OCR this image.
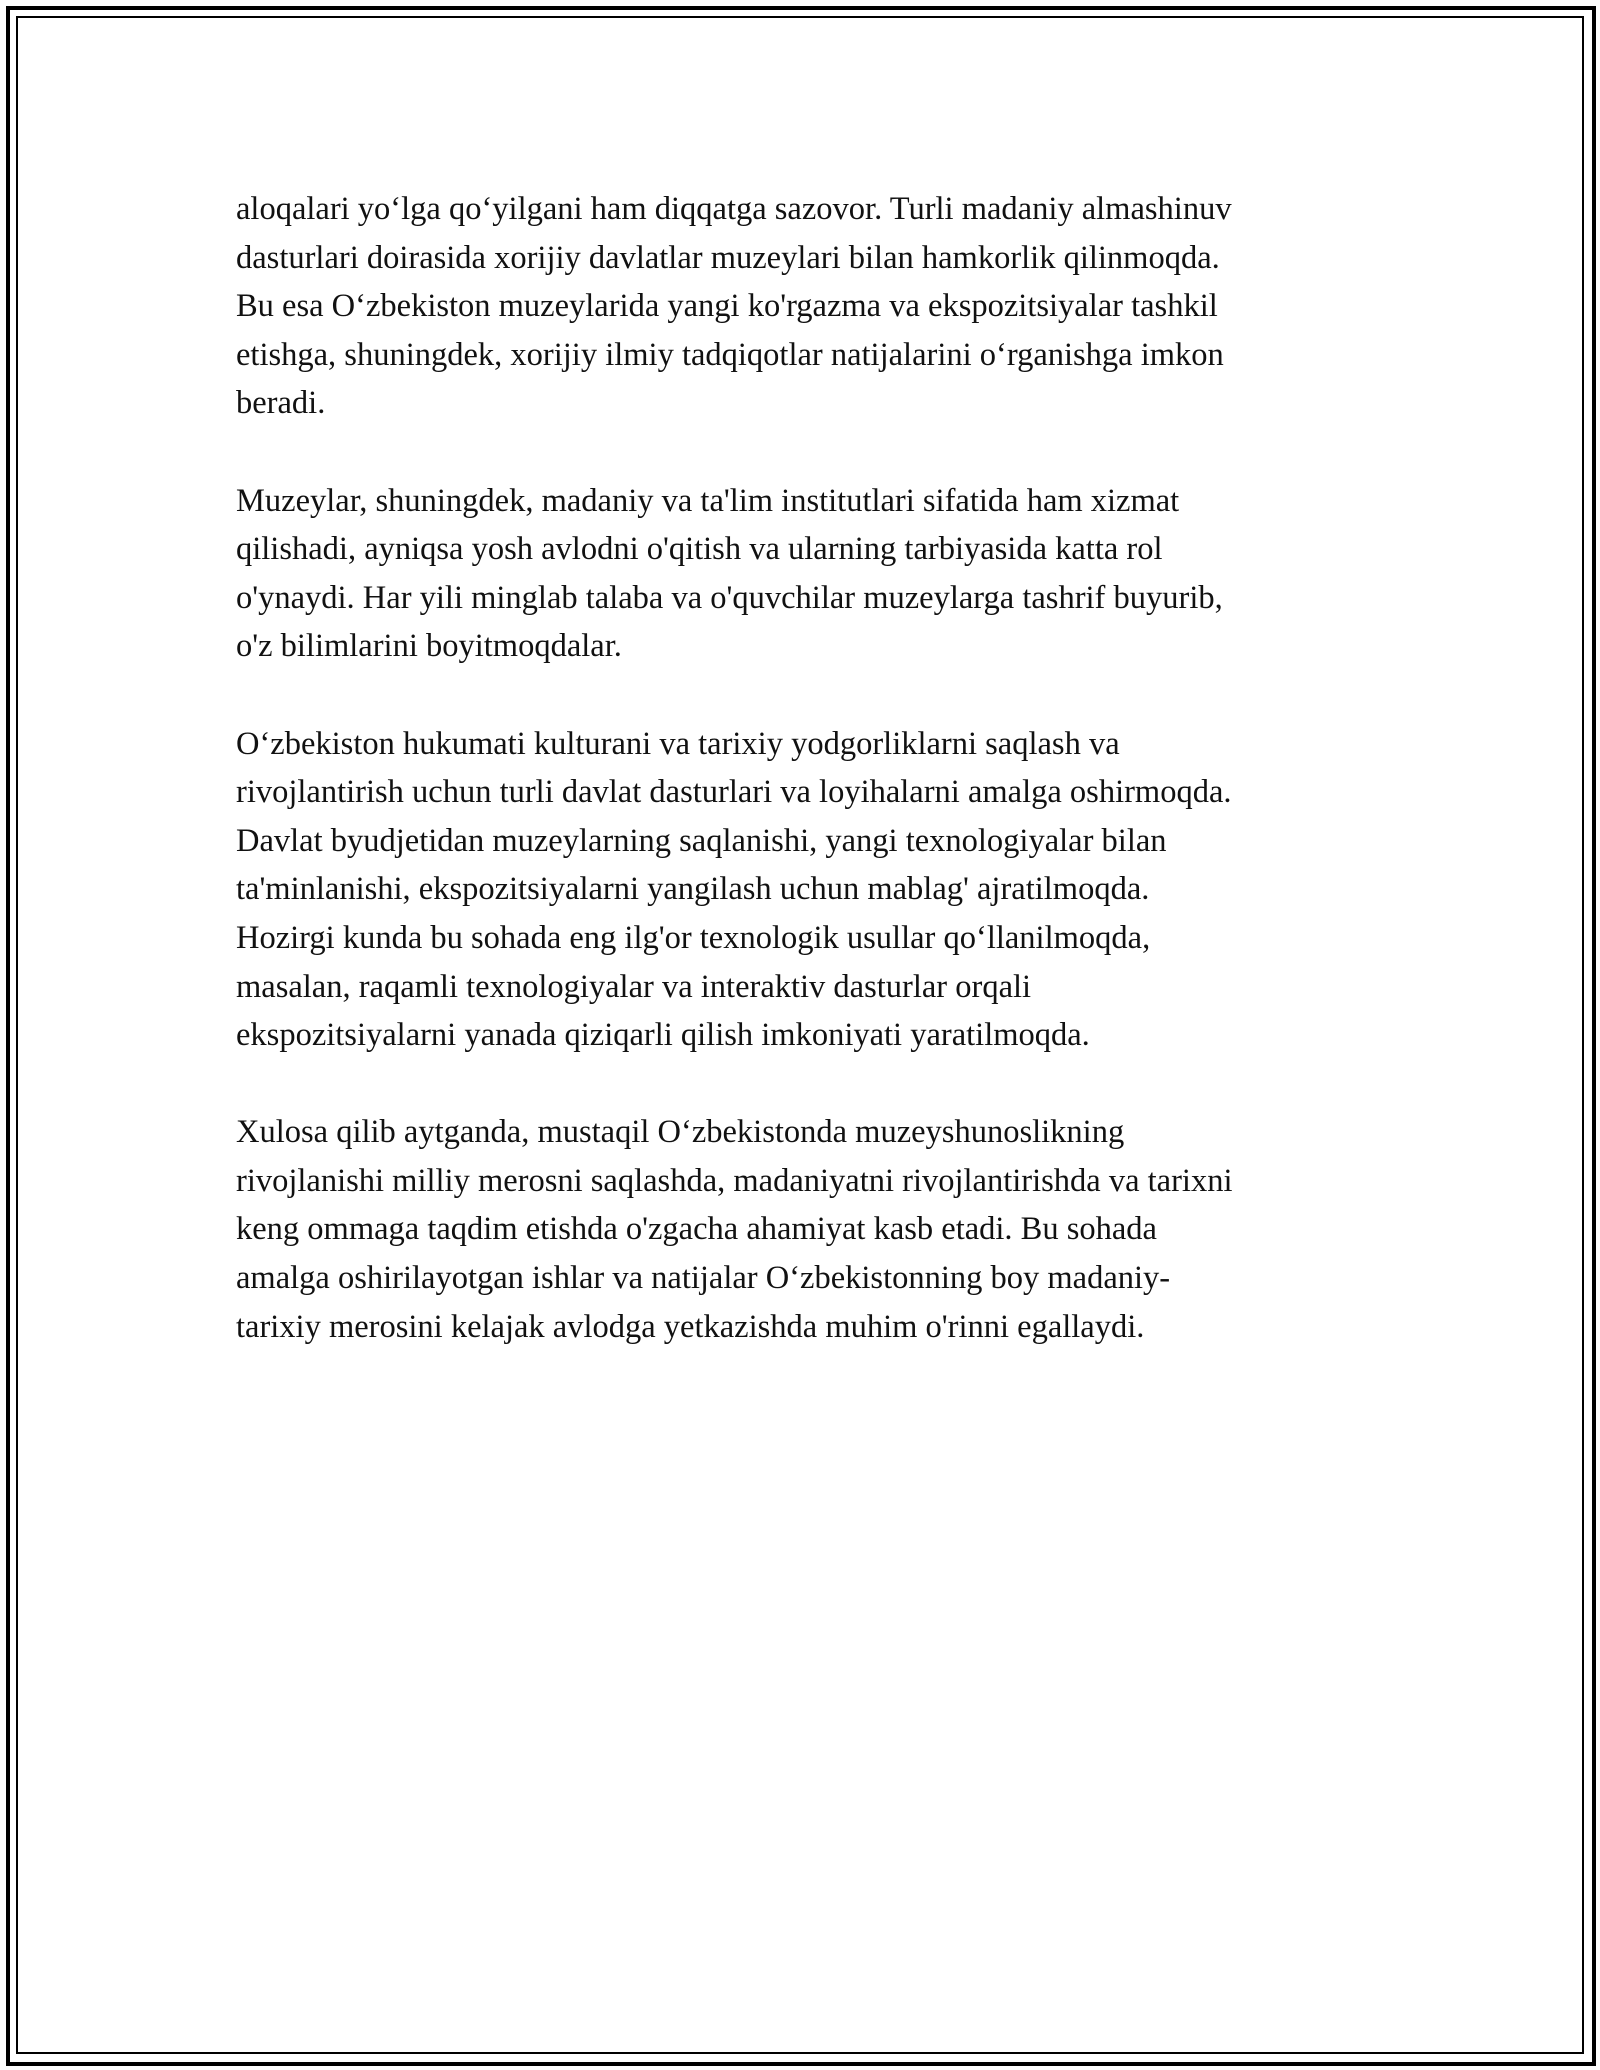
aloqalari yo‘lga qo‘yilgani ham diqqatga sazovor. Turli madaniy almashinuv
dasturlari doirasida xorijiy davlatlar muzeylari bilan hamkorlik qilinmoqda.
Bu esa O‘zbekiston muzeylarida yangi ko'rgazma va ekspozitsiyalar tashkil
etishga, shuningdek, xorijiy ilmiy tadqiqotlar natijalarini o‘rganishga imkon
beradi.

Muzeylar, shuningdek, madaniy va ta'lim institutlari sifatida ham xizmat
qilishadi, ayniqsa yosh avlodni o'qitish va ularning tarbiyasida katta rol
o'ynaydi. Har yili minglab talaba va o'quvchilar muzeylarga tashrif buyurib,
o'z bilimlarini boyitmoqdalar.

O‘zbekiston hukumati kulturani va tarixiy yodgorliklarni saqlash va
rivojlantirish uchun turli davlat dasturlari va loyihalarni amalga oshirmoqda.
Davlat byudjetidan muzeylarning saqlanishi, yangi texnologiyalar bilan
ta'minlanishi, ekspozitsiyalarni yangilash uchun mablag' ajratilmoqda.
Hozirgi kunda bu sohada eng ilg'or texnologik usullar qo‘llanilmoqda,
masalan, raqamli texnologiyalar va interaktiv dasturlar orqali
ekspozitsiyalarni yanada qiziqarli qilish imkoniyati yaratilmoqda.

Xulosa qilib aytganda, mustaqil O‘zbekistonda muzeyshunoslikning
rivojlanishi milliy merosni saqlashda, madaniyatni rivojlantirishda va tarixni
keng ommaga taqdim etishda o'zgacha ahamiyat kasb etadi. Bu sohada
amalga oshirilayotgan ishlar va natijalar O‘zbekistonning boy madaniy-
tarixiy merosini kelajak avlodga yetkazishda muhim o'rinni egallaydi.
